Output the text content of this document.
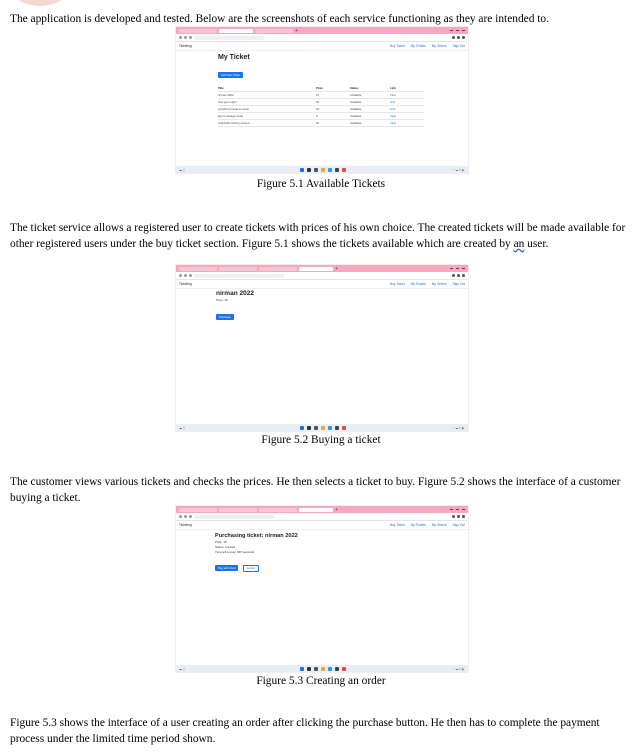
The application is developed and tested. Below are the screenshots of each service functioning as they are intended to.

+
Ticketing	Buy Ticket My Tickets My Orders Sign Out
My Ticket
Sell New Ticket
Title	Price	Status	Link
nirman 2022	15	Available	View
Vow guru night	20	Available	Link
symphony fiesta & couch	10	Available	Link
arjit in savage mode	5	Available	View
coachella rocking concert	10	Available	View
☁ ░	^ ☁ ᯤ 🔊
Figure 5.1 Available Tickets

The ticket service allows a registered user to create tickets with prices of his own choice. The created tickets will be made available for other registered users under the buy ticket section. Figure 5.1 shows the tickets available which are created by an user.

+
Ticketing	Buy Ticket My Tickets My Orders Sign Out
nirman 2022
Price: 15
Purchase
☁ ░	^ ☁ ᯤ 🔊
Figure 5.2 Buying a ticket

The customer views various tickets and checks the prices. He then selects a ticket to buy. Figure 5.2 shows the interface of a customer buying a ticket.

+
Ticketing	Buy Ticket My Tickets My Orders Sign Out
Purchasing ticket: nirman 2022
Price: 15
Status: created
Time left to pay: 897 seconds
Pay with Card	cancel
☁ ░	^ ☁ ᯤ 🔊
Figure 5.3 Creating an order

Figure 5.3 shows the interface of a user creating an order after clicking the purchase button. He then has to complete the payment process under the limited time period shown.
